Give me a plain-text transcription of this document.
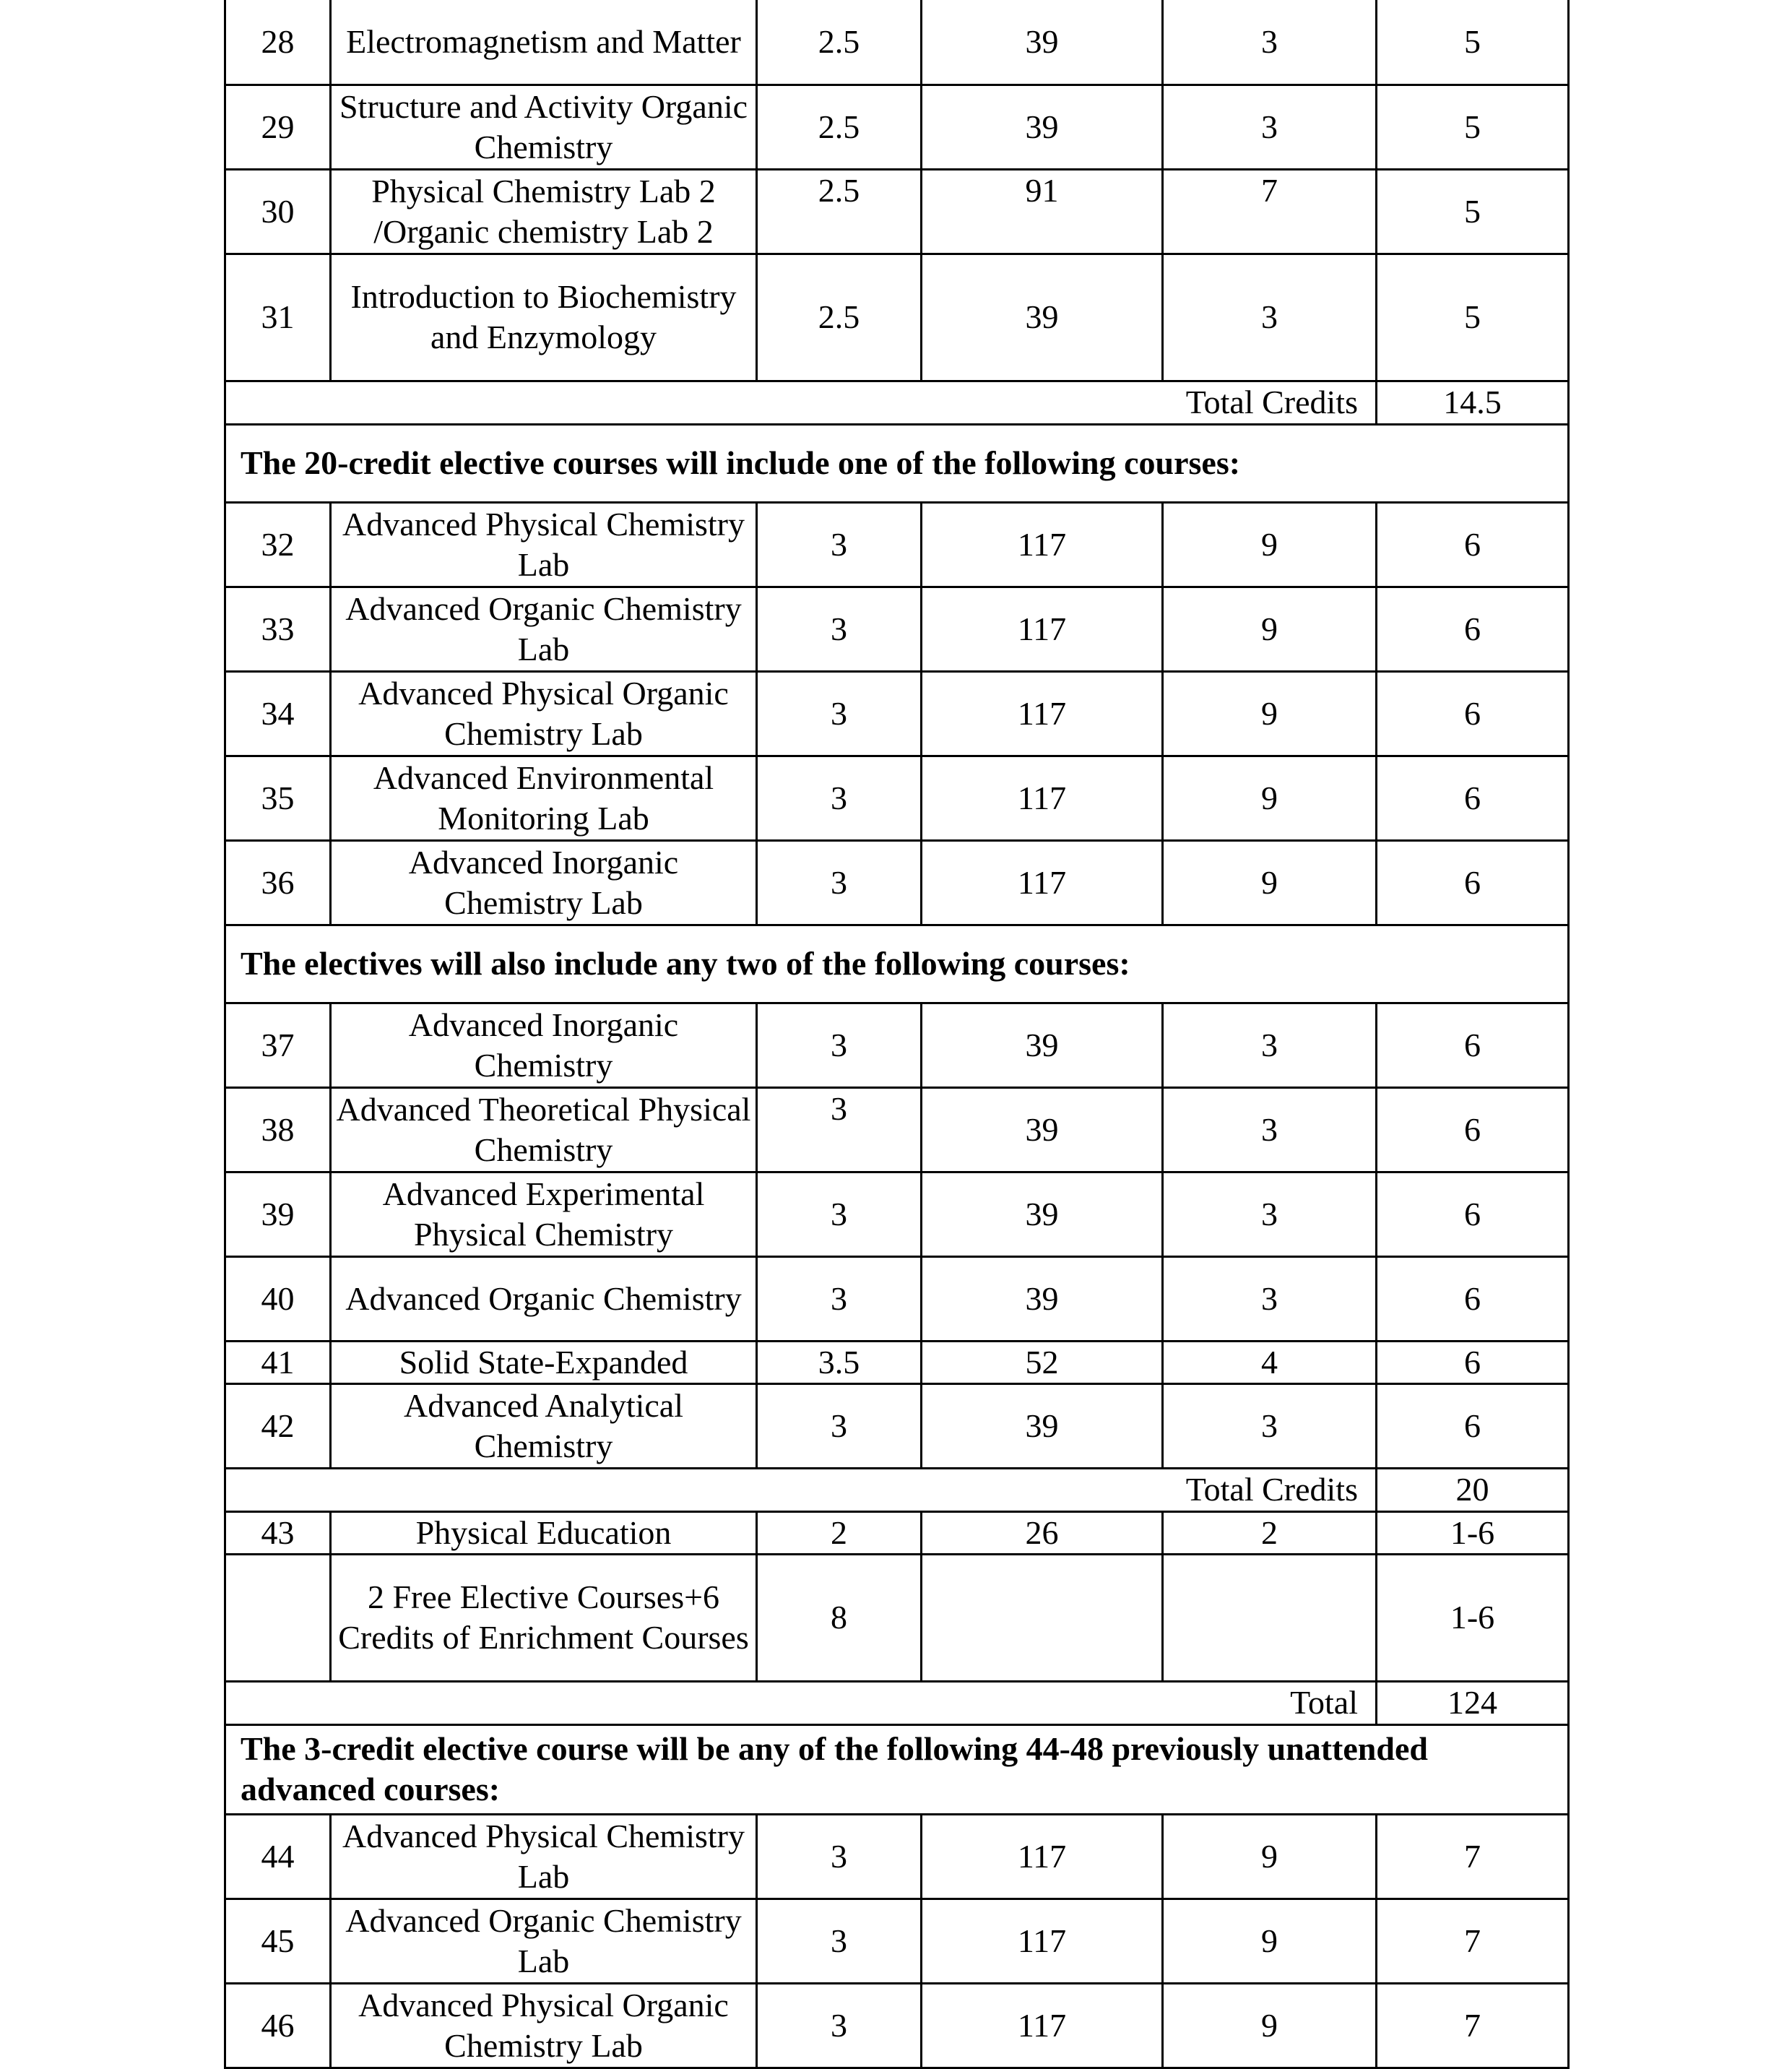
28	Electromagnetism and Matter	2.5	39	3	5
29	Structure and Activity Organic Chemistry	2.5	39	3	5
30	Physical Chemistry Lab 2 /Organic chemistry Lab 2	2.5	91	7	5
31	Introduction to Biochemistry and Enzymology	2.5	39	3	5
Total Credits					14.5
The 20-credit elective courses will include one of the following courses:					
32	Advanced Physical Chemistry Lab	3	117	9	6
33	Advanced Organic Chemistry Lab	3	117	9	6
34	Advanced Physical Organic Chemistry Lab	3	117	9	6
35	Advanced Environmental Monitoring Lab	3	117	9	6
36	Advanced Inorganic Chemistry Lab	3	117	9	6
The electives will also include any two of the following courses:					
37	Advanced Inorganic Chemistry	3	39	3	6
38	Advanced Theoretical Physical Chemistry	3	39	3	6
39	Advanced Experimental Physical Chemistry	3	39	3	6
40	Advanced Organic Chemistry	3	39	3	6
41	Solid State-Expanded	3.5	52	4	6
42	Advanced Analytical Chemistry	3	39	3	6
Total Credits					20
43	Physical Education	2	26	2	1-6
	2 Free Elective Courses+6 Credits of Enrichment Courses	8			1-6
Total					124
The 3-credit elective course will be any of the following 44-48 previously unattended advanced courses:					
44	Advanced Physical Chemistry Lab	3	117	9	7
45	Advanced Organic Chemistry Lab	3	117	9	7
46	Advanced Physical Organic Chemistry Lab	3	117	9	7
